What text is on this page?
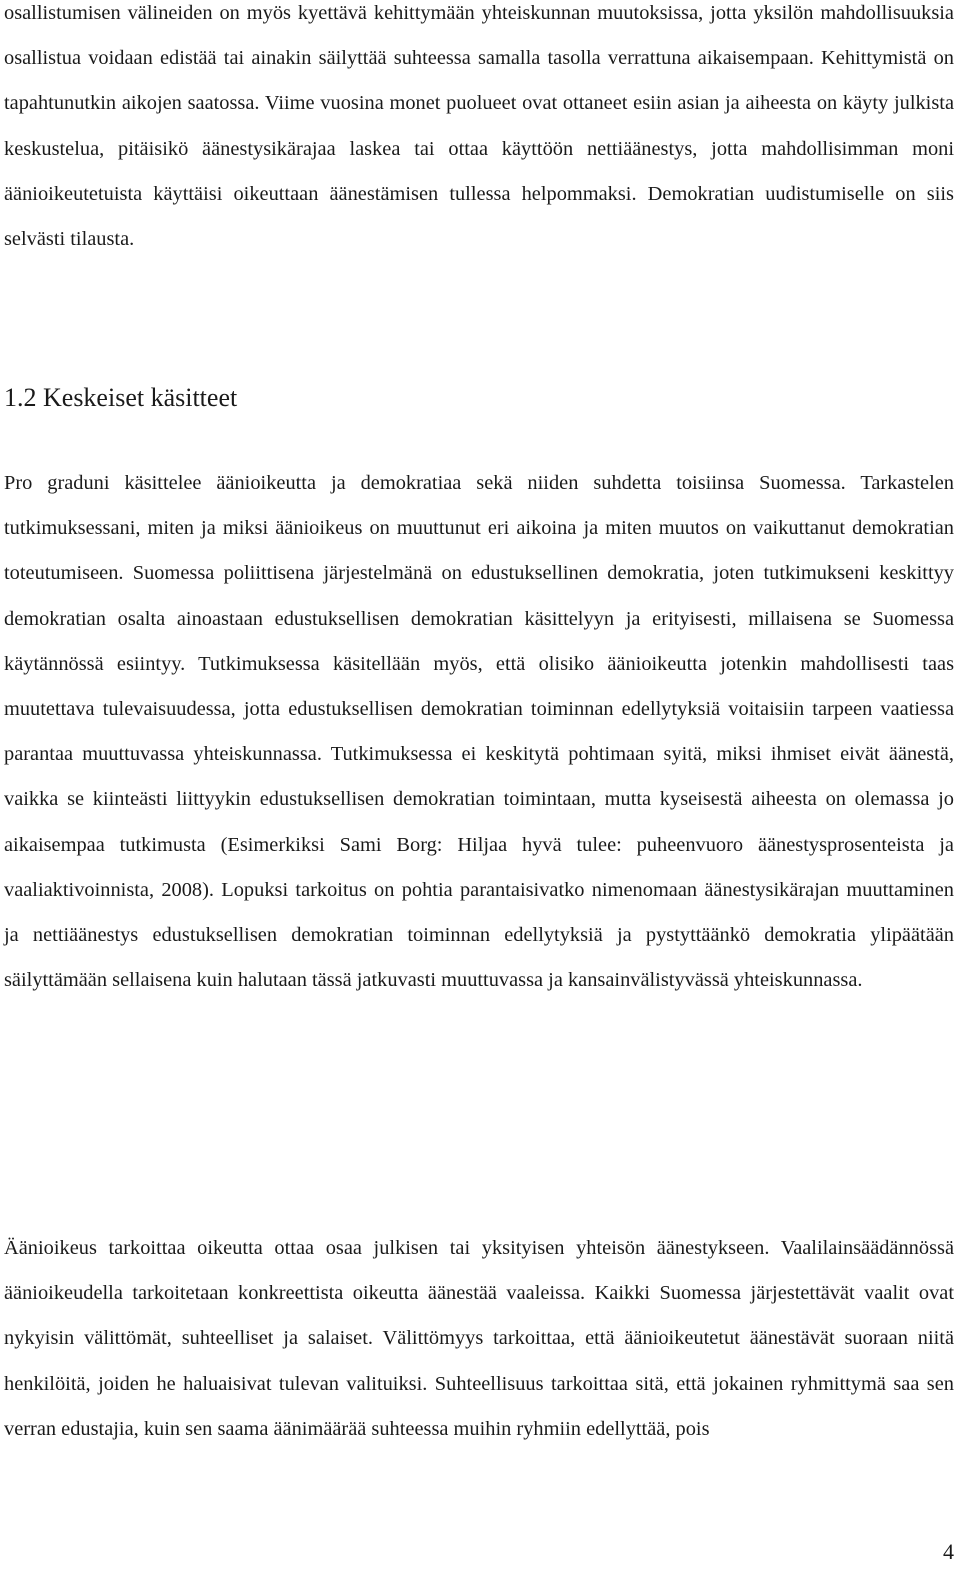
osallistumisen välineiden on myös kyettävä kehittymään yhteiskunnan muutoksissa, jotta yksilön mahdollisuuksia osallistua voidaan edistää tai ainakin säilyttää suhteessa samalla tasolla verrattuna aikaisempaan. Kehittymistä on tapahtunutkin aikojen saatossa. Viime vuosina monet puolueet ovat ottaneet esiin asian ja aiheesta on käyty julkista keskustelua, pitäisikö äänestysikärajaa laskea tai ottaa käyttöön nettiäänestys, jotta mahdollisimman moni äänioikeutetuista käyttäisi oikeuttaan äänestämisen tullessa helpommaksi. Demokratian uudistumiselle on siis selvästi tilausta.

1.2 Keskeiset käsitteet

Pro graduni käsittelee äänioikeutta ja demokratiaa sekä niiden suhdetta toisiinsa Suomessa. Tarkastelen tutkimuksessani, miten ja miksi äänioikeus on muuttunut eri aikoina ja miten muutos on vaikuttanut demokratian toteutumiseen. Suomessa poliittisena järjestelmänä on edustuksellinen demokratia, joten tutkimukseni keskittyy demokratian osalta ainoastaan edustuksellisen demokratian käsittelyyn ja erityisesti, millaisena se Suomessa käytännössä esiintyy. Tutkimuksessa käsitellään myös, että olisiko äänioikeutta jotenkin mahdollisesti taas muutettava tulevaisuudessa, jotta edustuksellisen demokratian toiminnan edellytyksiä voitaisiin tarpeen vaatiessa parantaa muuttuvassa yhteiskunnassa. Tutkimuksessa ei keskitytä pohtimaan syitä, miksi ihmiset eivät äänestä, vaikka se kiinteästi liittyykin edustuksellisen demokratian toimintaan, mutta kyseisestä aiheesta on olemassa jo aikaisempaa tutkimusta (Esimerkiksi Sami Borg: Hiljaa hyvä tulee: puheenvuoro äänestysprosenteista ja vaaliaktivoinnista, 2008). Lopuksi tarkoitus on pohtia parantaisivatko nimenomaan äänestysikärajan muuttaminen ja nettiäänestys edustuksellisen demokratian toiminnan edellytyksiä ja pystyttäänkö demokratia ylipäätään säilyttämään sellaisena kuin halutaan tässä jatkuvasti muuttuvassa ja kansainvälistyvässä yhteiskunnassa.

Äänioikeus tarkoittaa oikeutta ottaa osaa julkisen tai yksityisen yhteisön äänestykseen. Vaalilainsäädännössä äänioikeudella tarkoitetaan konkreettista oikeutta äänestää vaaleissa. Kaikki Suomessa järjestettävät vaalit ovat nykyisin välittömät, suhteelliset ja salaiset. Välittömyys tarkoittaa, että äänioikeutetut äänestävät suoraan niitä henkilöitä, joiden he haluaisivat tulevan valituiksi. Suhteellisuus tarkoittaa sitä, että jokainen ryhmittymä saa sen verran edustajia, kuin sen saama äänimäärää suhteessa muihin ryhmiin edellyttää, pois

4
